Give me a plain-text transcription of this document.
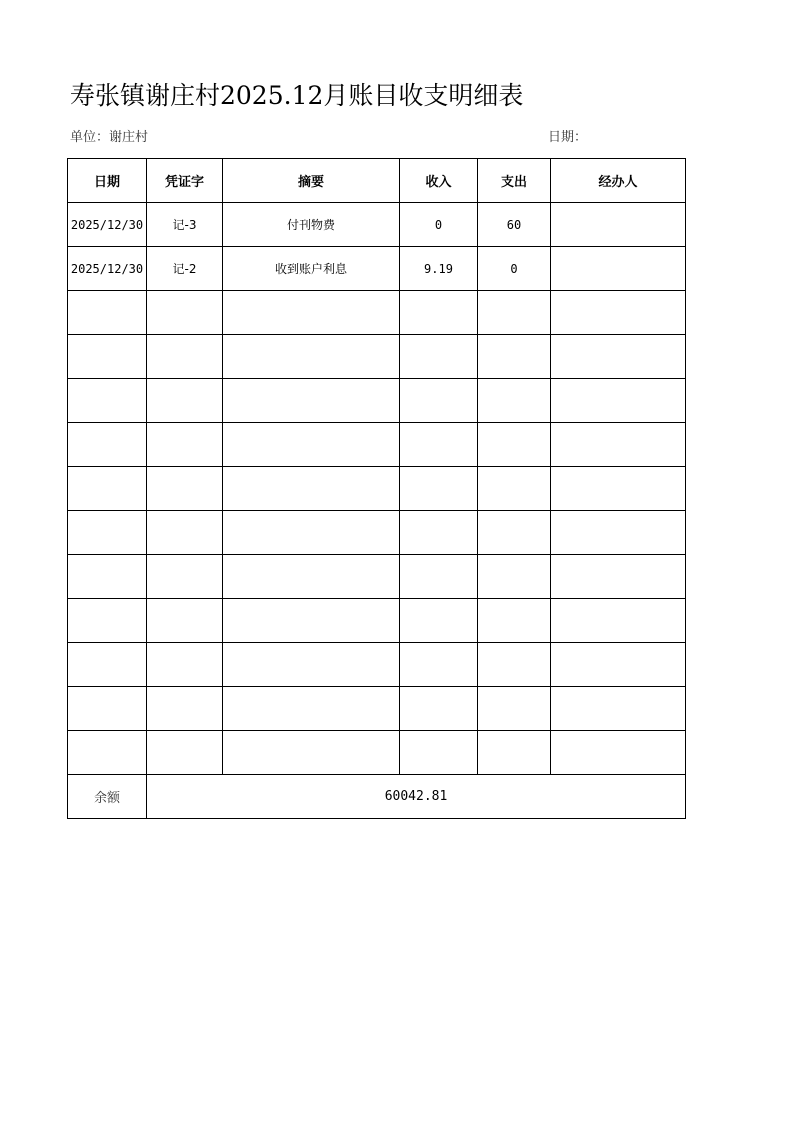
寿张镇谢庄村2025.12月账目收支明细表
单位：谢庄村	日期：
日期	凭证字	摘要	收入	支出	经办人
2025/12/30	记-3	付刊物费	0	60	
2025/12/30	记-2	收到账户利息	9.19	0	

余额	60042.81				
